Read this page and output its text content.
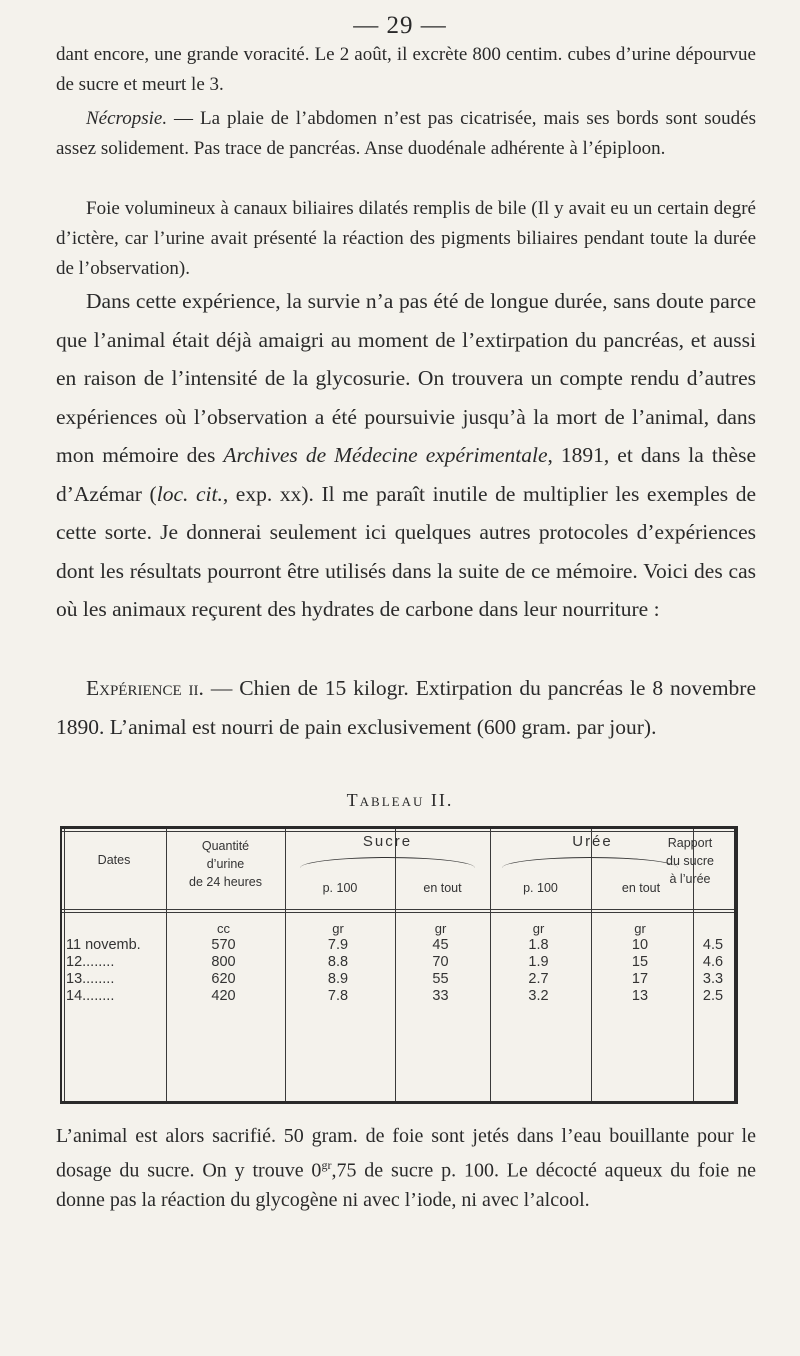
— 29 —

dant encore, une grande voracité. Le 2 août, il excrète 800 centim. cubes d’urine dépourvue de sucre et meurt le 3.

Nécropsie. — La plaie de l’abdomen n’est pas cicatrisée, mais ses bords sont soudés assez solidement. Pas trace de pancréas. Anse duodénale adhérente à l’épiploon.

Foie volumineux à canaux biliaires dilatés remplis de bile (Il y avait eu un certain degré d’ictère, car l’urine avait présenté la réaction des pigments biliaires pendant toute la durée de l’observation).

Dans cette expérience, la survie n’a pas été de longue durée, sans doute parce que l’animal était déjà amaigri au moment de l’extirpation du pancréas, et aussi en raison de l’intensité de la glycosurie. On trouvera un compte rendu d’autres expériences où l’observation a été poursuivie jusqu’à la mort de l’animal, dans mon mémoire des Archives de Médecine expérimentale, 1891, et dans la thèse d’Azémar (loc. cit., exp. xx). Il me paraît inutile de multiplier les exemples de cette sorte. Je donnerai seulement ici quelques autres protocoles d’expériences dont les résultats pourront être utilisés dans la suite de ce mémoire. Voici des cas où les animaux reçurent des hydrates de carbone dans leur nourriture :

Expérience ii. — Chien de 15 kilogr. Extirpation du pancréas le 8 novembre 1890. L’animal est nourri de pain exclusivement (600 gram. par jour).

Tableau II.
Dates
Quantité
d’urine
de 24 heures
Sucre
p. 100	en tout
Urée
p. 100	en tout
Rapport
du sucre
à l’urée
11 novemb.
12........
13........
14........
cc
570
800
620
420
gr
7.9
8.8
8.9
7.8
gr
45
70
55
33
gr
1.8
1.9
2.7
3.2
gr
10
15
17
13
4.5
4.6
3.3
2.5

L’animal est alors sacrifié. 50 gram. de foie sont jetés dans l’eau bouillante pour le dosage du sucre. On y trouve $0^{gr},75$ de sucre p. 100. Le décocté aqueux du foie ne donne pas la réaction du glycogène ni avec l’iode, ni avec l’alcool.
